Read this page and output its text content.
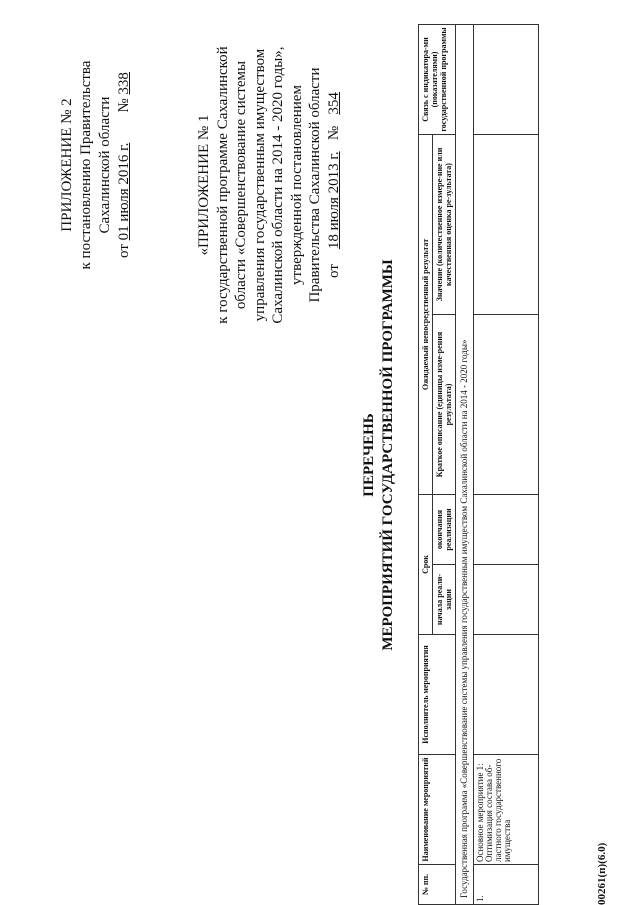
ПРИЛОЖЕНИЕ № 2 к постановлению Правительства Сахалинской области
от 01 июля 2016 г.        № 338
«ПРИЛОЖЕНИЕ № 1 к государственной программе Сахалинской области «Совершенствование системы управления государственным имуществом Сахалинской области на 2014 - 2020 годы», утвержденной постановлением Правительства Сахалинской области от    18 июля 2013 г.   №   354
ПЕРЕЧЕНЬ МЕРОПРИЯТИЙ ГОСУДАРСТВЕННОЙ ПРОГРАММЫ
№ пп.	Наименование мероприятий	Исполнитель мероприятия	Срок		Ожидаемый непосредственный результат		Связь с индикатора-ми (показателями) государственной программы
			начала реали-зации	окончания реализации	Краткое описание (единицы изме-рения результата)	Значение (количественное измере-ние или качественная оценка ре-зультата)	
Государственная программа «Совершенствование системы управления государственным имуществом Сахалинской области на 2014 - 2020 годы»							
1.	Основное мероприятие 1: Оптимизация состава об-ластного государственного имущества						
00261(п)(6.0)
